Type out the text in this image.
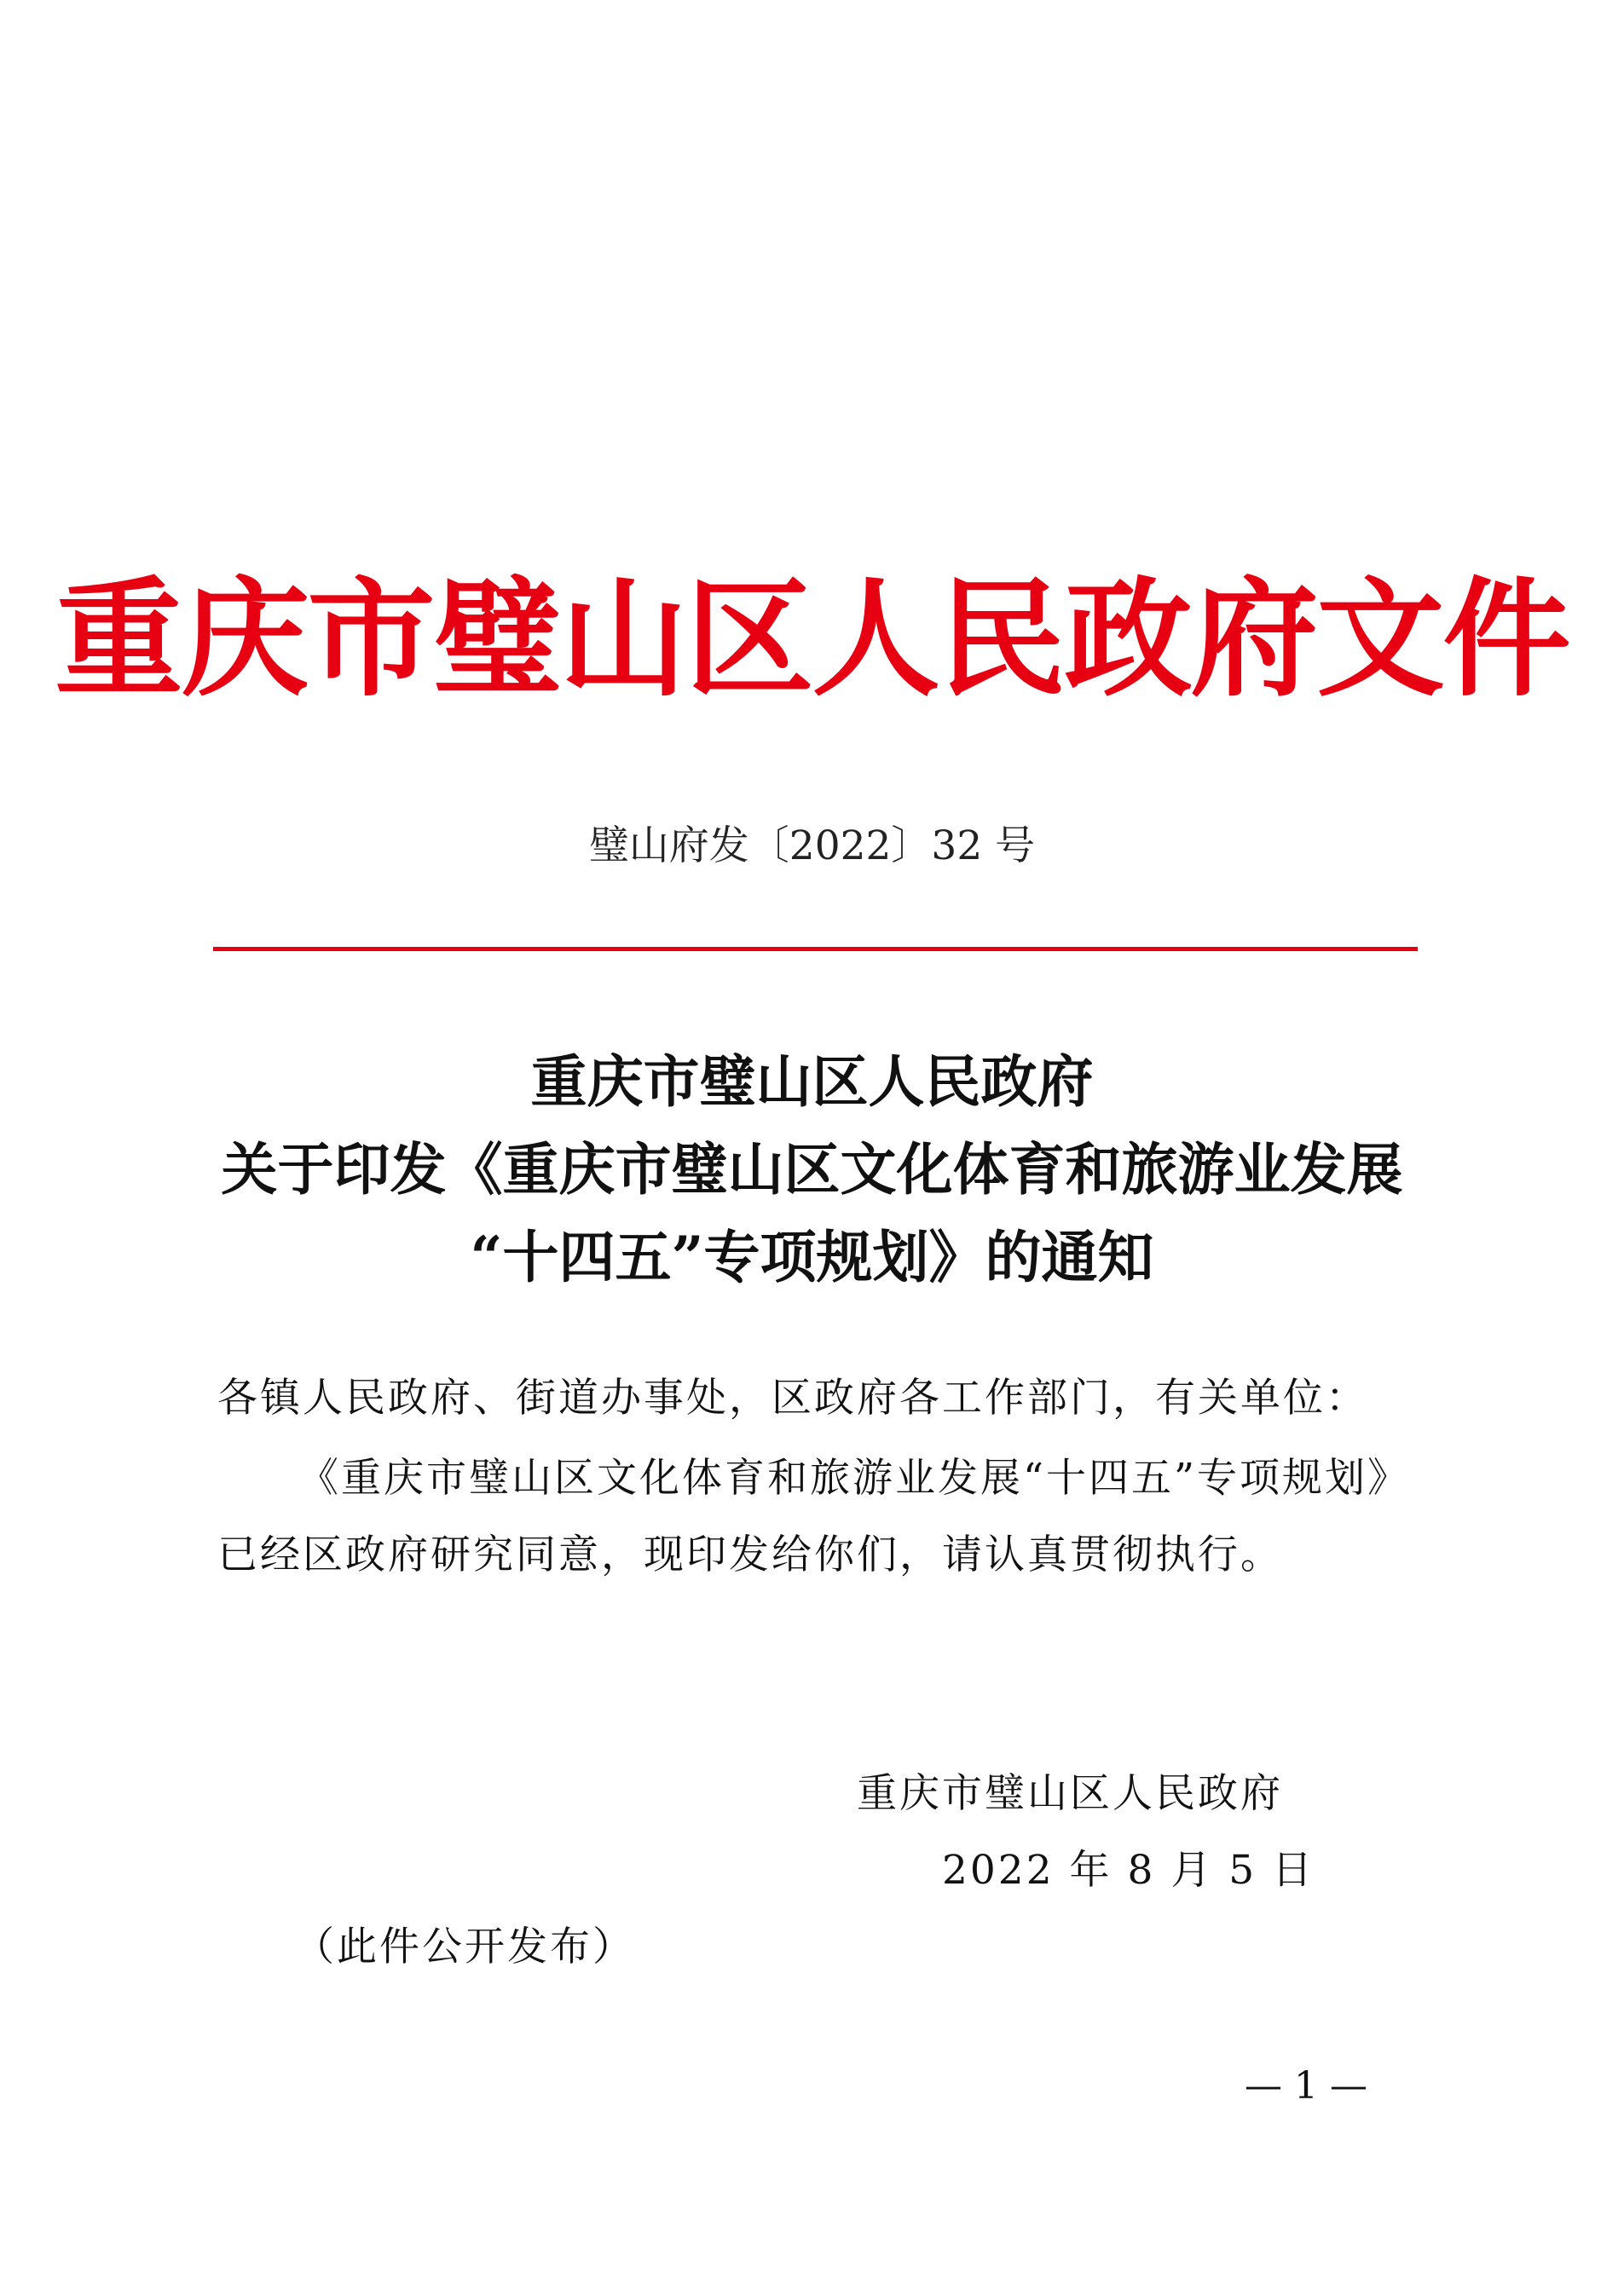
重庆市璧山区人民政府文件
璧山府发〔2022〕32 号
重庆市璧山区人民政府
关于印发《重庆市璧山区文化体育和旅游业发展
“十四五”专项规划》的通知
各镇人民政府、街道办事处，区政府各工作部门，有关单位：
《重庆市璧山区文化体育和旅游业发展“十四五”专项规划》
已经区政府研究同意，现印发给你们，请认真贯彻执行。
重庆市璧山区人民政府
2022 年 8 月 5 日
（此件公开发布）
— 1 —
